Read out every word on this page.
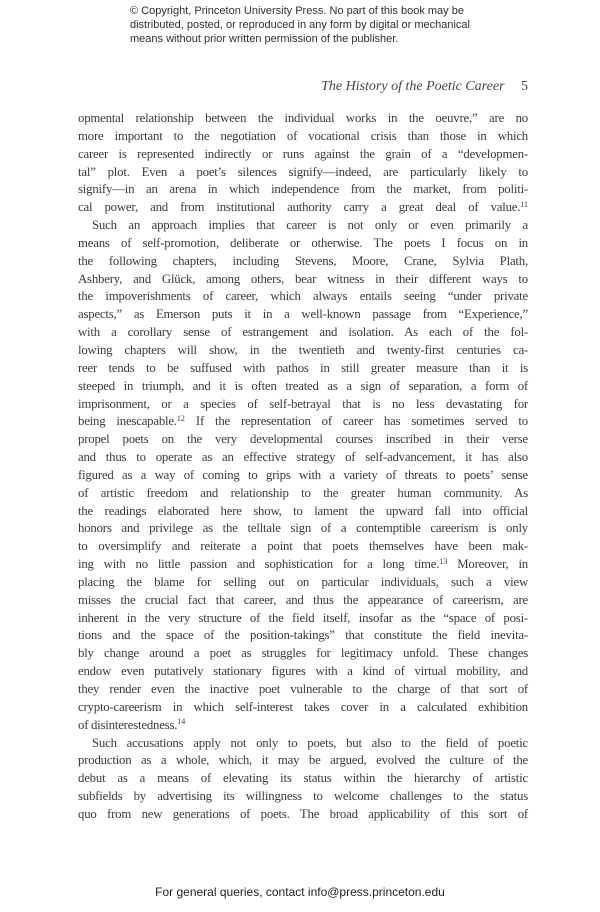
© Copyright, Princeton University Press. No part of this book may be
distributed, posted, or reproduced in any form by digital or mechanical
means without prior written permission of the publisher.
The History of the Poetic Career 5
opmental relationship between the individual works in the oeuvre,” are no
more important to the negotiation of vocational crisis than those in which
career is represented indirectly or runs against the grain of a “developmen-
tal” plot. Even a poet’s silences signify—indeed, are particularly likely to
signify—in an arena in which independence from the market, from politi-
cal power, and from institutional authority carry a great deal of value.$^{11}$
Such an approach implies that career is not only or even primarily a
means of self-promotion, deliberate or otherwise. The poets I focus on in
the following chapters, including Stevens, Moore, Crane, Sylvia Plath,
Ashbery, and Glück, among others, bear witness in their different ways to
the impoverishments of career, which always entails seeing “under private
aspects,” as Emerson puts it in a well-known passage from “Experience,”
with a corollary sense of estrangement and isolation. As each of the fol-
lowing chapters will show, in the twentieth and twenty-first centuries ca-
reer tends to be suffused with pathos in still greater measure than it is
steeped in triumph, and it is often treated as a sign of separation, a form of
imprisonment, or a species of self-betrayal that is no less devastating for
being inescapable.$^{12}$ If the representation of career has sometimes served to
propel poets on the very developmental courses inscribed in their verse
and thus to operate as an effective strategy of self-advancement, it has also
figured as a way of coming to grips with a variety of threats to poets’ sense
of artistic freedom and relationship to the greater human community. As
the readings elaborated here show, to lament the upward fall into official
honors and privilege as the telltale sign of a contemptible careerism is only
to oversimplify and reiterate a point that poets themselves have been mak-
ing with no little passion and sophistication for a long time.$^{13}$ Moreover, in
placing the blame for selling out on particular individuals, such a view
misses the crucial fact that career, and thus the appearance of careerism, are
inherent in the very structure of the field itself, insofar as the “space of posi-
tions and the space of the position-takings” that constitute the field inevita-
bly change around a poet as struggles for legitimacy unfold. These changes
endow even putatively stationary figures with a kind of virtual mobility, and
they render even the inactive poet vulnerable to the charge of that sort of
crypto-careerism in which self-interest takes cover in a calculated exhibition
of disinterestedness.$^{14}$
Such accusations apply not only to poets, but also to the field of poetic
production as a whole, which, it may be argued, evolved the culture of the
debut as a means of elevating its status within the hierarchy of artistic
subfields by advertising its willingness to welcome challenges to the status
quo from new generations of poets. The broad applicability of this sort of
For general queries, contact info@press.princeton.edu
